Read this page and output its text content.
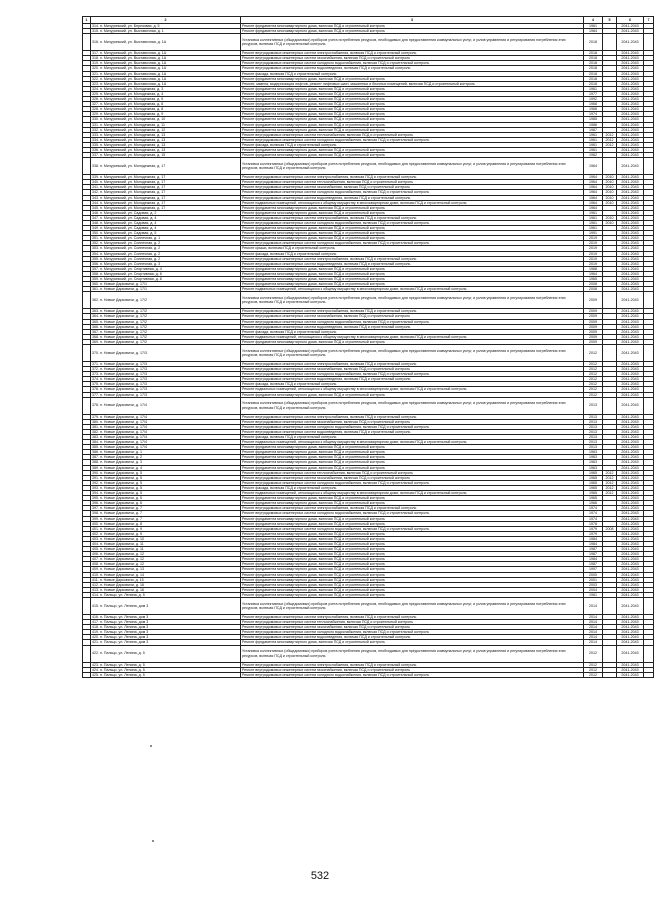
1	2	3	4	5	6	7
	314. п. Мичуринский, ул. Березовая, д. 5	Ремонт фундамента многоквартирного дома, включая ПСД и строительный контроль	1961		2041-2043	
	315. п. Мичуринский, ул. Выставочная, д. 1	Ремонт фундамента многоквартирного дома, включая ПСД и строительный контроль	1984		2041-2043	
	316. п. Мичуринский, ул. Выставочная, д. 1А	Установка коллективных (общедомовых) приборов учета потребления ресурсов, необходимых для предоставления коммунальных услуг, и узлов управления и регулирования потребления этих ресурсов, включая ПСД и строительный контроль	2018		2041-2043	
	317. п. Мичуринский, ул. Выставочная, д. 1А	Ремонт внутридомовых инженерных систем электроснабжения, включая ПСД и строительный контроль	2018		2041-2043	
	318. п. Мичуринский, ул. Выставочная, д. 1А	Ремонт внутридомовых инженерных систем газоснабжения, включая ПСД и строительный контроль	2018		2041-2043	
	319. п. Мичуринский, ул. Выставочная, д. 1А	Ремонт внутридомовых инженерных систем холодного водоснабжения, включая ПСД и строительный контроль	2018		2041-2043	
	320. п. Мичуринский, ул. Выставочная, д. 1А	Ремонт внутридомовых инженерных систем водоотведения, включая ПСД и строительный контроль	2018		2041-2043	
	321. п. Мичуринский, ул. Выставочная, д. 1А	Ремонт фасада, включая ПСД и строительный контроль	2018		2041-2043	
	322. п. Мичуринский, ул. Выставочная, д. 1А	Ремонт фундамента многоквартирного дома, включая ПСД и строительный контроль	2018		2041-2043	
	323. п. Мичуринский, ул. Выставочная, д. 1А	Ремонт, замена, модернизация лифтов, ремонт лифтовых шахт, машинных и блочных помещений, включая ПСД и строительный контроль	2018		2041-2043	
	324. п. Мичуринский, ул. Молодежная, д. 3	Ремонт фундамента многоквартирного дома, включая ПСД и строительный контроль	1961		2041-2043	
	325. п. Мичуринский, ул. Молодежная, д. 4	Ремонт фундамента многоквартирного дома, включая ПСД и строительный контроль	1977		2041-2043	
	326. п. Мичуринский, ул. Молодежная, д. 5	Ремонт фундамента многоквартирного дома, включая ПСД и строительный контроль	1992		2041-2043	
	327. п. Мичуринский, ул. Молодежная, д. 6	Ремонт фундамента многоквартирного дома, включая ПСД и строительный контроль	1968		2041-2043	
	328. п. Мичуринский, ул. Молодежная, д. 8	Ремонт фундамента многоквартирного дома, включая ПСД и строительный контроль	1968		2041-2043	
	329. п. Мичуринский, ул. Молодежная, д. 9	Ремонт фундамента многоквартирного дома, включая ПСД и строительный контроль	1974		2041-2043	
	330. п. Мичуринский, ул. Молодежная, д. 10	Ремонт фундамента многоквартирного дома, включая ПСД и строительный контроль	1985		2041-2043	
	331. п. Мичуринский, ул. Молодежная, д. 11	Ремонт фундамента многоквартирного дома, включая ПСД и строительный контроль	1986		2041-2043	
	332. п. Мичуринский, ул. Молодежная, д. 12	Ремонт фундамента многоквартирного дома, включая ПСД и строительный контроль	1987		2041-2043	
	333. п. Мичуринский, ул. Молодежная, д. 13	Ремонт внутридомовых инженерных систем теплоснабжения, включая ПСД и строительный контроль	1961	2012	2041-2043	
	334. п. Мичуринский, ул. Молодежная, д. 13	Ремонт внутридомовых инженерных систем холодного водоснабжения, включая ПСД и строительный контроль	1961	2012	2041-2043	
	335. п. Мичуринский, ул. Молодежная, д. 13	Ремонт фасада, включая ПСД и строительный контроль	1961	2012	2041-2043	
	336. п. Мичуринский, ул. Молодежная, д. 13	Ремонт фундамента многоквартирного дома, включая ПСД и строительный контроль	1961		2041-2043	
	337. п. Мичуринский, ул. Молодежная, д. 15	Ремонт фундамента многоквартирного дома, включая ПСД и строительный контроль	1962		2041-2043	
	338. п. Мичуринский, ул. Молодежная, д. 17	Установка коллективных (общедомовых) приборов учета потребления ресурсов, необходимых для предоставления коммунальных услуг, и узлов управления и регулирования потребления этих ресурсов, включая ПСД и строительный контроль	1964		2041-2043	
	339. п. Мичуринский, ул. Молодежная, д. 17	Ремонт внутридомовых инженерных систем электроснабжения, включая ПСД и строительный контроль	1964	2010	2041-2043	
	340. п. Мичуринский, ул. Молодежная, д. 17	Ремонт внутридомовых инженерных систем теплоснабжения, включая ПСД и строительный контроль	1964	2010	2041-2043	
	341. п. Мичуринский, ул. Молодежная, д. 17	Ремонт внутридомовых инженерных систем газоснабжения, включая ПСД и строительный контроль	1964	2010	2041-2043	
	342. п. Мичуринский, ул. Молодежная, д. 17	Ремонт внутридомовых инженерных систем холодного водоснабжения, включая ПСД и строительный контроль	1964	2010	2041-2043	
	343. п. Мичуринский, ул. Молодежная, д. 17	Ремонт внутридомовых инженерных систем водоотведения, включая ПСД и строительный контроль	1964	2010	2041-2043	
	344. п. Мичуринский, ул. Молодежная, д. 17	Ремонт подвальных помещений, относящихся к общему имуществу в многоквартирном доме, включая ПСД и строительный контроль	1964	2010	2041-2043	
	345. п. Мичуринский, ул. Молодежная, д. 17	Ремонт фундамента многоквартирного дома, включая ПСД и строительный контроль	1964		2041-2043	
	346. п. Мичуринский, ул. Садовая, д. 2	Ремонт фундамента многоквартирного дома, включая ПСД и строительный контроль	1961		2041-2043	
	347. п. Мичуринский, ул. Садовая, д. 4	Ремонт внутридомовых инженерных систем электроснабжения, включая ПСД и строительный контроль	1961	2010	2041-2043	
	348. п. Мичуринский, ул. Садовая, д. 4	Ремонт внутридомовых инженерных систем холодного водоснабжения, включая ПСД и строительный контроль	1961	2010	2041-2043	
	349. п. Мичуринский, ул. Садовая, д. 4	Ремонт фундамента многоквартирного дома, включая ПСД и строительный контроль	1961		2041-2043	
	350. п. Мичуринский, ул. Садовая, д. 5	Ремонт фундамента многоквартирного дома, включая ПСД и строительный контроль	1991		2041-2043	
	351. п. Мичуринский, ул. Солнечная, д. 1	Ремонт фундамента многоквартирного дома, включая ПСД и строительный контроль	2019		2041-2043	
	352. п. Мичуринский, ул. Солнечная, д. 2	Ремонт внутридомовых инженерных систем холодного водоснабжения, включая ПСД и строительный контроль	2019		2041-2043	
	353. п. Мичуринский, ул. Солнечная, д. 2	Ремонт крыши, включая ПСД и строительный контроль	2019		2041-2043	
	354. п. Мичуринский, ул. Солнечная, д. 2	Ремонт фасада, включая ПСД и строительный контроль	2019		2041-2043	
	355. п. Мичуринский, ул. Солнечная, д. 2	Ремонт внутридомовых инженерных систем электроснабжения, включая ПСД и строительный контроль	2019		2041-2043	
	356. п. Мичуринский, ул. Солнечная, д. 3	Ремонт внутридомовых инженерных систем водоотведения, включая ПСД и строительный контроль	2019		2041-2043	
	357. п. Мичуринский, ул. Спортивная, д. 4	Ремонт фундамента многоквартирного дома, включая ПСД и строительный контроль	1968		2041-2043	
	358. п. Мичуринский, ул. Спортивная, д. 6	Ремонт фундамента многоквартирного дома, включая ПСД и строительный контроль	1964		2041-2043	
	359. п. Мичуринский, ул. Спортивная, д. 8	Ремонт фундамента многоквартирного дома, включая ПСД и строительный контроль	1965		2041-2043	
	360. п. Новые Дарковичи, д. 17/1	Ремонт фундамента многоквартирного дома, включая ПСД и строительный контроль	2008		2041-2043	
	361. п. Новые Дарковичи, д. 17/1	Ремонт подвальных помещений, относящихся к общему имуществу в многоквартирном доме, включая ПСД и строительный контроль	2008		2041-2043	
	362. п. Новые Дарковичи, д. 17/2	Установка коллективных (общедомовых) приборов учета потребления ресурсов, необходимых для предоставления коммунальных услуг, и узлов управления и регулирования потребления этих ресурсов, включая ПСД и строительный контроль	2009		2041-2043	
	363. п. Новые Дарковичи, д. 17/2	Ремонт внутридомовых инженерных систем электроснабжения, включая ПСД и строительный контроль	2009		2041-2043	
	364. п. Новые Дарковичи, д. 17/2	Ремонт внутридомовых инженерных систем газоснабжения, включая ПСД и строительный контроль	2009		2041-2043	
	365. п. Новые Дарковичи, д. 17/2	Ремонт внутридомовых инженерных систем холодного водоснабжения, включая ПСД и строительный контроль	2009		2041-2043	
	366. п. Новые Дарковичи, д. 17/2	Ремонт внутридомовых инженерных систем водоотведения, включая ПСД и строительный контроль	2009		2041-2043	
	367. п. Новые Дарковичи, д. 17/2	Ремонт фасада, включая ПСД и строительный контроль	2009		2041-2043	
	368. п. Новые Дарковичи, д. 17/2	Ремонт подвальных помещений, относящихся к общему имуществу в многоквартирном доме, включая ПСД и строительный контроль	2009		2041-2043	
	369. п. Новые Дарковичи, д. 17/2	Ремонт фундамента многоквартирного дома, включая ПСД и строительный контроль	2009		2041-2043	
	370. п. Новые Дарковичи, д. 17/3	Установка коллективных (общедомовых) приборов учета потребления ресурсов, необходимых для предоставления коммунальных услуг, и узлов управления и регулирования потребления этих ресурсов, включая ПСД и строительный контроль	2012		2041-2043	
	371. п. Новые Дарковичи, д. 17/3	Ремонт внутридомовых инженерных систем электроснабжения, включая ПСД и строительный контроль	2012		2041-2043	
	372. п. Новые Дарковичи, д. 17/3	Ремонт внутридомовых инженерных систем газоснабжения, включая ПСД и строительный контроль	2012		2041-2043	
	373. п. Новые Дарковичи, д. 17/3	Ремонт внутридомовых инженерных систем холодного водоснабжения, включая ПСД и строительный контроль	2012		2041-2043	
	374. п. Новые Дарковичи, д. 17/3	Ремонт внутридомовых инженерных систем водоотведения, включая ПСД и строительный контроль	2012		2041-2043	
	375. п. Новые Дарковичи, д. 17/3	Ремонт фасада, включая ПСД и строительный контроль	2012		2041-2043	
	376. п. Новые Дарковичи, д. 17/3	Ремонт подвальных помещений, относящихся к общему имуществу в многоквартирном доме, включая ПСД и строительный контроль	2012		2041-2043	
	377. п. Новые Дарковичи, д. 17/3	Ремонт фундамента многоквартирного дома, включая ПСД и строительный контроль	2012		2041-2043	
	378. п. Новые Дарковичи, д. 17/4	Установка коллективных (общедомовых) приборов учета потребления ресурсов, необходимых для предоставления коммунальных услуг, и узлов управления и регулирования потребления этих ресурсов, включая ПСД и строительный контроль	2013		2041-2043	
	379. п. Новые Дарковичи, д. 17/4	Ремонт внутридомовых инженерных систем электроснабжения, включая ПСД и строительный контроль	2013		2041-2043	
	380. п. Новые Дарковичи, д. 17/4	Ремонт внутридомовых инженерных систем газоснабжения, включая ПСД и строительный контроль	2013		2041-2043	
	381. п. Новые Дарковичи, д. 17/4	Ремонт внутридомовых инженерных систем холодного водоснабжения, включая ПСД и строительный контроль	2013		2041-2043	
	382. п. Новые Дарковичи, д. 17/4	Ремонт внутридомовых инженерных систем водоотведения, включая ПСД и строительный контроль	2013		2041-2043	
	383. п. Новые Дарковичи, д. 17/4	Ремонт фасада, включая ПСД и строительный контроль	2013		2041-2043	
	384. п. Новые Дарковичи, д. 17/4	Ремонт подвальных помещений, относящихся к общему имуществу в многоквартирном доме, включая ПСД и строительный контроль	2013		2041-2043	
	385. п. Новые Дарковичи, д. 17/4	Ремонт фундамента многоквартирного дома, включая ПСД и строительный контроль	2013		2041-2043	
	386. п. Новые Дарковичи, д. 1	Ремонт фундамента многоквартирного дома, включая ПСД и строительный контроль	1963		2041-2043	
	387. п. Новые Дарковичи, д. 2	Ремонт фундамента многоквартирного дома, включая ПСД и строительный контроль	1963		2041-2043	
	388. п. Новые Дарковичи, д. 3	Ремонт фундамента многоквартирного дома, включая ПСД и строительный контроль	1963		2041-2043	
	389. п. Новые Дарковичи, д. 4	Ремонт фундамента многоквартирного дома, включая ПСД и строительный контроль	1963		2041-2043	
	390. п. Новые Дарковичи, д. 5	Ремонт внутридомовых инженерных систем теплоснабжения, включая ПСД и строительный контроль	1965	2012	2041-2043	
	391. п. Новые Дарковичи, д. 5	Ремонт внутридомовых инженерных систем газоснабжения, включая ПСД и строительный контроль	1965	2012	2041-2043	
	392. п. Новые Дарковичи, д. 5	Ремонт внутридомовых инженерных систем холодного водоснабжения, включая ПСД и строительный контроль	1965	2012	2041-2043	
	393. п. Новые Дарковичи, д. 5	Ремонт фасада, включая ПСД и строительный контроль	1965	2012	2041-2043	
	394. п. Новые Дарковичи, д. 5	Ремонт подвальных помещений, относящихся к общему имуществу в многоквартирном доме, включая ПСД и строительный контроль	1965	2012	2041-2043	
	395. п. Новые Дарковичи, д. 5	Ремонт фундамента многоквартирного дома, включая ПСД и строительный контроль	1965		2041-2043	
	396. п. Новые Дарковичи, д. 6	Ремонт фундамента многоквартирного дома, включая ПСД и строительный контроль	1966		2041-2043	
	397. п. Новые Дарковичи, д. 7	Ремонт внутридомовых инженерных систем электроснабжения, включая ПСД и строительный контроль	1974		2041-2043	
	398. п. Новые Дарковичи, д. 7	Ремонт внутридомовых инженерных систем холодного водоснабжения, включая ПСД и строительный контроль	1974		2041-2043	
	399. п. Новые Дарковичи, д. 7	Ремонт фундамента многоквартирного дома, включая ПСД и строительный контроль	1974		2041-2043	
	400. п. Новые Дарковичи, д. 8	Ремонт фундамента многоквартирного дома, включая ПСД и строительный контроль	1978		2041-2043	
	401. п. Новые Дарковичи, д. 9	Ремонт внутридомовых инженерных систем холодного водоснабжения, включая ПСД и строительный контроль	1979	2008	2041-2043	
	402. п. Новые Дарковичи, д. 9	Ремонт фундамента многоквартирного дома, включая ПСД и строительный контроль	1979		2041-2043	
	403. п. Новые Дарковичи, д. 10	Ремонт фундамента многоквартирного дома, включая ПСД и строительный контроль	1984		2041-2043	
	404. п. Новые Дарковичи, д. 11	Ремонт фундамента многоквартирного дома, включая ПСД и строительный контроль	1984		2041-2043	
	405. п. Новые Дарковичи, д. 11	Ремонт фундамента многоквартирного дома, включая ПСД и строительный контроль	1987		2041-2043	
	406. п. Новые Дарковичи, д. 12	Ремонт фундамента многоквартирного дома, включая ПСД и строительный контроль	1987		2041-2043	
	407. п. Новые Дарковичи, д. 12	Ремонт фундамента многоквартирного дома, включая ПСД и строительный контроль	1984		2041-2043	
	408. п. Новые Дарковичи, д. 12	Ремонт фундамента многоквартирного дома, включая ПСД и строительный контроль	1987		2041-2043	
	409. п. Новые Дарковичи, д. 13	Ремонт фундамента многоквартирного дома, включая ПСД и строительный контроль	1997		2041-2043	
	410. п. Новые Дарковичи, д. 14	Ремонт фундамента многоквартирного дома, включая ПСД и строительный контроль	2000		2041-2043	
	411. п. Новые Дарковичи, д. 15	Ремонт фундамента многоквартирного дома, включая ПСД и строительный контроль	2001		2041-2043	
	412. п. Новые Дарковичи, д. 16	Ремонт фундамента многоквартирного дома, включая ПСД и строительный контроль	2003		2041-2043	
	413. п. Новые Дарковичи, д. 16	Ремонт фундамента многоквартирного дома, включая ПСД и строительный контроль	2004		2041-2043	
	414. п. Пальцо, ул. Ленина, д. 5	Ремонт фундамента многоквартирного дома, включая ПСД и строительный контроль	1961		2041-2043	
	415. п. Пальцо, ул. Ленина, дом 3	Установка коллективных (общедомовых) приборов учета потребления ресурсов, необходимых для предоставления коммунальных услуг, и узлов управления и регулирования потребления этих ресурсов, включая ПСД и строительный контроль	2014		2041-2043	
	416. п. Пальцо, ул. Ленина, дом 3	Ремонт внутридомовых инженерных систем электроснабжения, включая ПСД и строительный контроль	2014		2041-2043	
	417. п. Пальцо, ул. Ленина, дом 3	Ремонт внутридомовых инженерных систем теплоснабжения, включая ПСД и строительный контроль	2014		2041-2043	
	418. п. Пальцо, ул. Ленина, дом 3	Ремонт внутридомовых инженерных систем газоснабжения, включая ПСД и строительный контроль	2014		2041-2043	
	419. п. Пальцо, ул. Ленина, дом 3	Ремонт внутридомовых инженерных систем холодного водоснабжения, включая ПСД и строительный контроль	2014		2041-2043	
	420. п. Пальцо, ул. Ленина, дом 3	Ремонт внутридомовых инженерных систем водоотведения, включая ПСД и строительный контроль	2014		2041-2043	
	421. п. Пальцо, ул. Ленина, дом 3	Ремонт фундамента многоквартирного дома, включая ПСД и строительный контроль	2014		2041-2043	
	422. п. Пальцо, ул. Ленина, д. 5	Установка коллективных (общедомовых) приборов учета потребления ресурсов, необходимых для предоставления коммунальных услуг, и узлов управления и регулирования потребления этих ресурсов, включая ПСД и строительный контроль	2012		2041-2043	
	423. п. Пальцо, ул. Ленина, д. 5	Ремонт внутридомовых инженерных систем электроснабжения, включая ПСД и строительный контроль	2012		2041-2043	
	424. п. Пальцо, ул. Ленина, д. 5	Ремонт внутридомовых инженерных систем газоснабжения, включая ПСД и строительный контроль	2012		2041-2043	
	425. п. Пальцо, ул. Ленина, д. 5	Ремонт внутридомовых инженерных систем холодного водоснабжения, включая ПСД и строительный контроль	2012		2041-2043	
532
